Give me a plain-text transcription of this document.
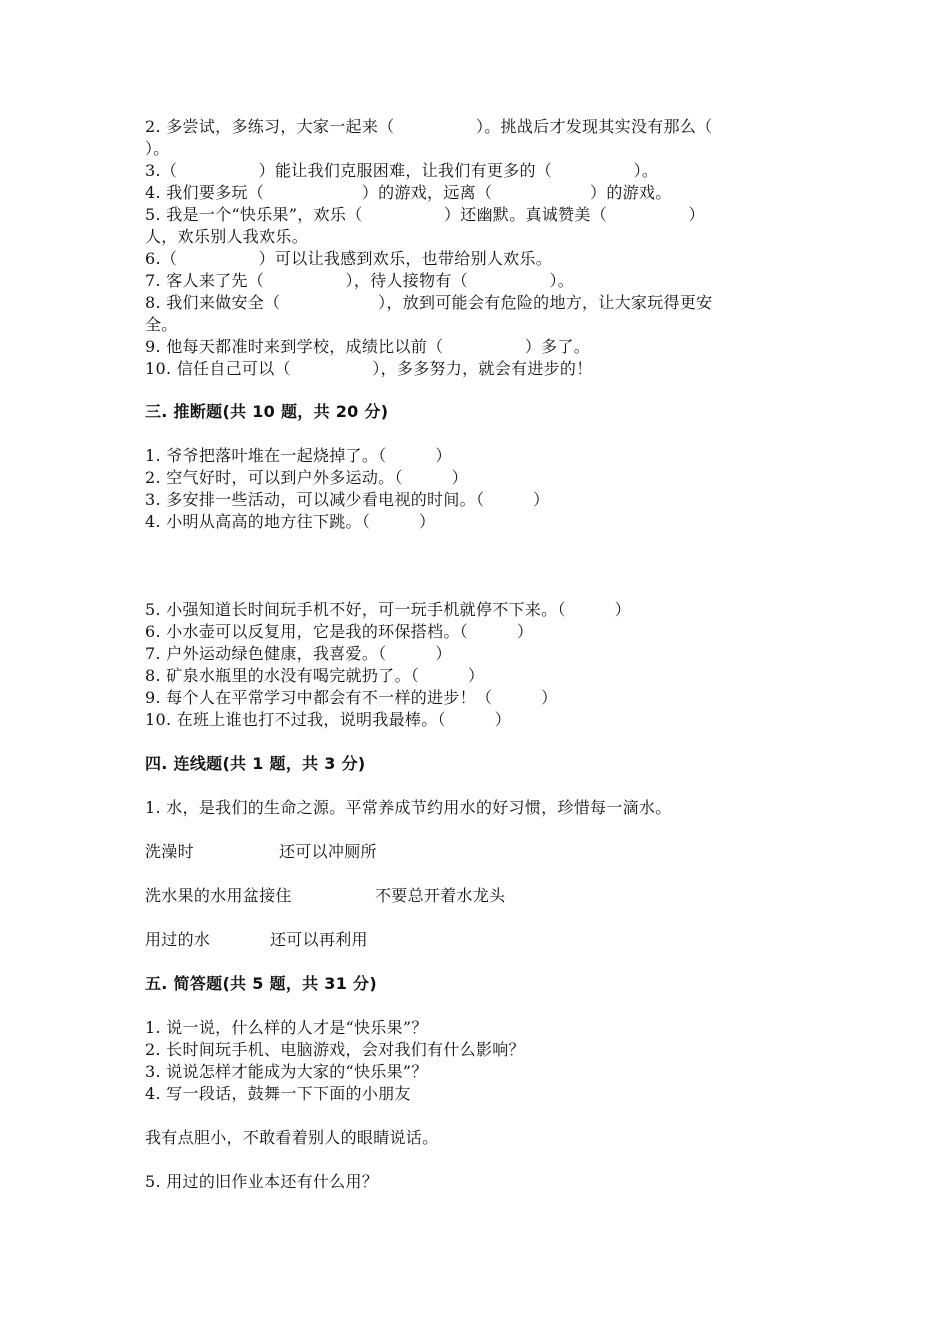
2. 多尝试，多练习，大家一起来（　　　　　）。挑战后才发现其实没有那么（
）。
3.（　　　　　）能让我们克服困难，让我们有更多的（　　　　　）。
4. 我们要多玩（　　　　　　）的游戏，远离（　　　　　　）的游戏。
5. 我是一个“快乐果”，欢乐（　　　　　）还幽默。真诚赞美（　　　　　）
人，欢乐别人我欢乐。
6.（　　　　　）可以让我感到欢乐，也带给别人欢乐。
7. 客人来了先（　　　　　），待人接物有（　　　　　）。
8. 我们来做安全（　　　　　　），放到可能会有危险的地方，让大家玩得更安
全。
9. 他每天都准时来到学校，成绩比以前（　　　　　）多了。
10. 信任自己可以（　　　　　），多多努力，就会有进步的！
三. 推断题(共 10 题，共 20 分)
1. 爷爷把落叶堆在一起烧掉了。（　　　）
2. 空气好时，可以到户外多运动。（　　　）
3. 多安排一些活动，可以减少看电视的时间。（　　　）
4. 小明从高高的地方往下跳。（　　　）
5. 小强知道长时间玩手机不好，可一玩手机就停不下来。（　　　）
6. 小水壶可以反复用，它是我的环保搭档。（　　　）
7. 户外运动绿色健康，我喜爱。（　　　）
8. 矿泉水瓶里的水没有喝完就扔了。（　　　）
9. 每个人在平常学习中都会有不一样的进步！（　　　）
10. 在班上谁也打不过我，说明我最棒。（　　　）
四. 连线题(共 1 题，共 3 分)
1. 水，是我们的生命之源。平常养成节约用水的好习惯，珍惜每一滴水。
洗澡时	还可以冲厕所
洗水果的水用盆接住	不要总开着水龙头
用过的水	还可以再利用
五. 简答题(共 5 题，共 31 分)
1. 说一说，什么样的人才是“快乐果”？
2. 长时间玩手机、电脑游戏，会对我们有什么影响？
3. 说说怎样才能成为大家的“快乐果”？
4. 写一段话，鼓舞一下下面的小朋友
我有点胆小，不敢看着别人的眼睛说话。
5. 用过的旧作业本还有什么用？
